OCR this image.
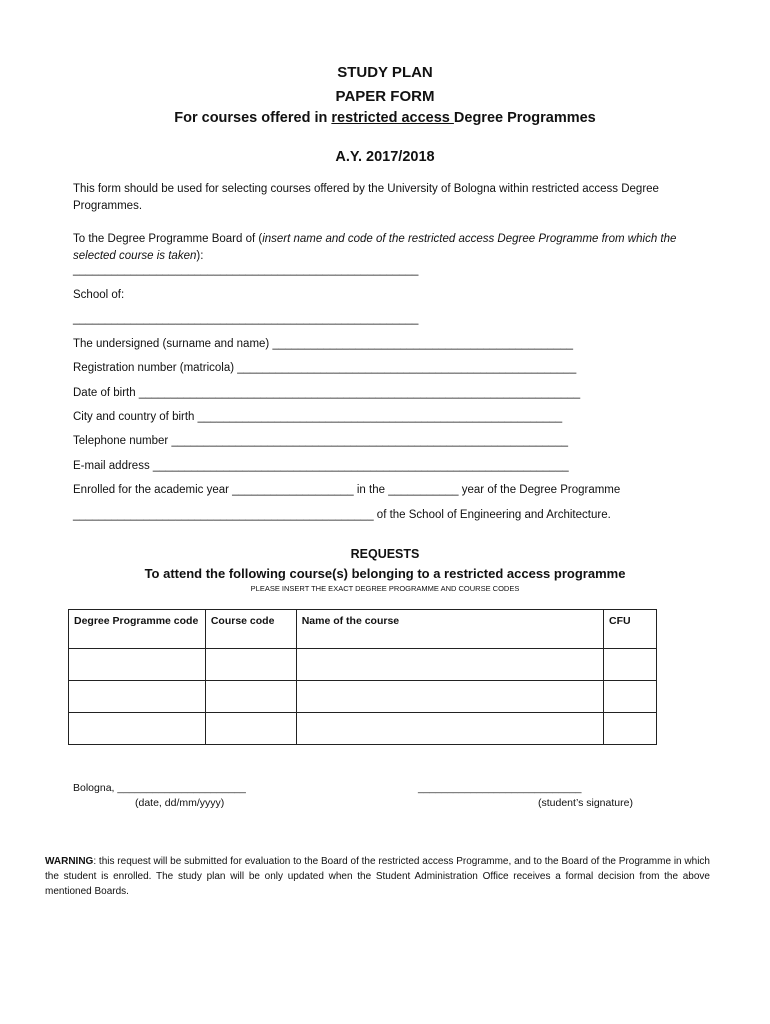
STUDY PLAN
PAPER FORM
For courses offered in restricted access Degree Programmes
A.Y. 2017/2018
This form should be used for selecting courses offered by the University of Bologna within restricted access Degree Programmes.
To the Degree Programme Board of (insert name and code of the restricted access Degree Programme from which the selected course is taken):
______________________________________________________
School of:
______________________________________________________
The undersigned (surname and name) _______________________________________________
Registration number (matricola) _____________________________________________________
Date of birth _____________________________________________________________________
City and country of birth _________________________________________________________
Telephone number ______________________________________________________________
E-mail address _________________________________________________________________
Enrolled for the academic year ___________________ in the ___________ year of the Degree Programme
_______________________________________________ of the School of Engineering and Architecture.
REQUESTS
To attend the following course(s) belonging to a restricted access programme
PLEASE INSERT THE EXACT DEGREE PROGRAMME AND COURSE CODES
Degree Programme code	Course code	Name of the course	CFU

Bologna, ______________________
(date, dd/mm/yyyy)
____________________________
(student’s signature)
WARNING: this request will be submitted for evaluation to the Board of the restricted access Programme, and to the Board of the Programme in which the student is enrolled. The study plan will be only updated when the Student Administration Office receives a formal decision from the above mentioned Boards.
